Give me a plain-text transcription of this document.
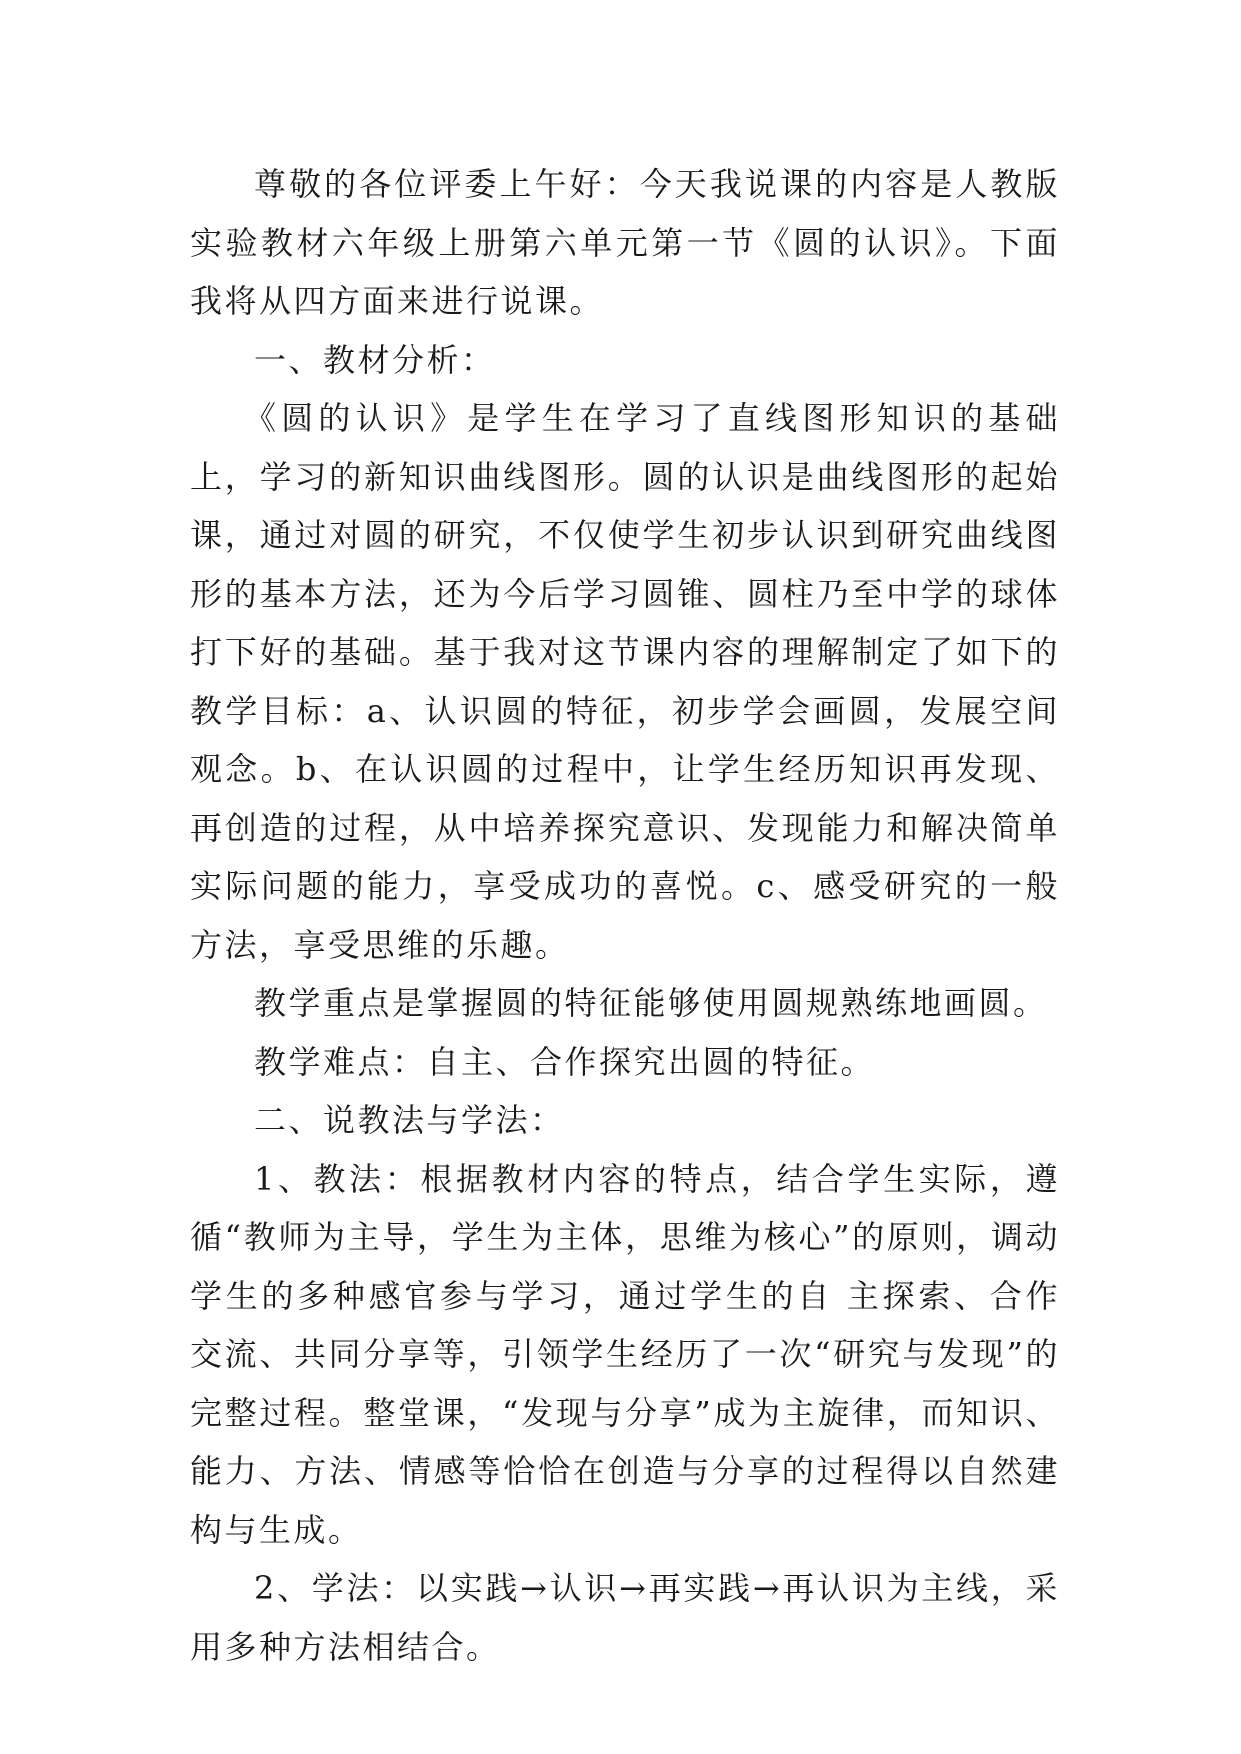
尊敬的各位评委上午好：今天我说课的内容是人教版实验教材六年级上册第六单元第一节《圆的认识》。下面我将从四方面来进行说课。

一、教材分析：

《圆的认识》是学生在学习了直线图形知识的基础上，学习的新知识曲线图形。圆的认识是曲线图形的起始课，通过对圆的研究，不仅使学生初步认识到研究曲线图形的基本方法，还为今后学习圆锥、圆柱乃至中学的球体打下好的基础。基于我对这节课内容的理解制定了如下的教学目标：a、认识圆的特征，初步学会画圆，发展空间观念。b、在认识圆的过程中，让学生经历知识再发现、再创造的过程，从中培养探究意识、发现能力和解决简单实际问题的能力，享受成功的喜悦。c、感受研究的一般方法，享受思维的乐趣。

教学重点是掌握圆的特征能够使用圆规熟练地画圆。

教学难点：自主、合作探究出圆的特征。

二、说教法与学法：

1、教法：根据教材内容的特点，结合学生实际，遵循“教师为主导，学生为主体，思维为核心”的原则，调动学生的多种感官参与学习，通过学生的自 主探索、合作交流、共同分享等，引领学生经历了一次“研究与发现”的完整过程。整堂课，“发现与分享”成为主旋律，而知识、能力、方法、情感等恰恰在创造与分享的过程得以自然建构与生成。

2、学法：以实践→认识→再实践→再认识为主线，采用多种方法相结合。
